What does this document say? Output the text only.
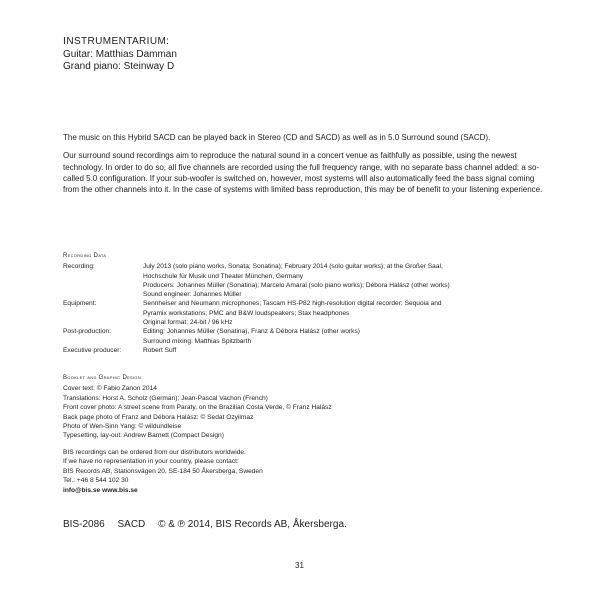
INSTRUMENTARIUM:
Guitar: Matthias Damman
Grand piano: Steinway D

The music on this Hybrid SACD can be played back in Stereo (CD and SACD) as well as in 5.0 Surround sound (SACD).

Our surround sound recordings aim to reproduce the natural sound in a concert venue as faithfully as possible, using the newest technology. In order to do so, all five channels are recorded using the full frequency range, with no separate bass channel added: a so-called 5.0 configuration. If your sub-woofer is switched on, however, most systems will also automatically feed the bass signal coming from the other channels into it. In the case of systems with limited bass reproduction, this may be of benefit to your listening experience.

Recording Data
Recording:	July 2013 (solo piano works, Sonata; Sonatina); February 2014 (solo guitar works); at the Großer Saal,
Hochschule für Musik und Theater München, Germany
Producers: Johannes Müller (Sonatina); Marcelo Amaral (solo piano works); Débora Halász (other works)
Sound engineer: Johannes Müller

Equipment:	Sennheiser and Neumann microphones; Tascam HS-P82 high-resolution digital recorder; Sequoia and
Pyramix workstations; PMC and B&W loudspeakers; Stax headphones
Original format: 24-bit / 96 kHz

Post-production:	Editing: Johannes Müller (Sonatina), Franz & Débora Halász (other works)
Surround mixing: Matthias Spitzbarth

Executive producer:	Robert Suff
Booklet and Graphic Design
Cover text: © Fabio Zanon 2014
Translations: Horst A. Scholz (German); Jean-Pascal Vachon (French)
Front cover photo: A street scene from Paraty, on the Brazilian Costa Verde, © Franz Halász
Back page photo of Franz and Débora Halász: © Sedat Ozyilmaz
Photo of Wen-Sinn Yang: © wildundleise
Typesetting, lay-out: Andrew Barnett (Compact Design)
BIS recordings can be ordered from our distributors worldwide.
If we have no representation in your country, please contact:
BIS Records AB, Stationsvägen 20, SE-184 50 Åkersberga, Sweden
Tel.: +46 8 544 102 30
info@bis.se www.bis.se
BIS-2086 SACD © & ℗ 2014, BIS Records AB, Åkersberga.
31
